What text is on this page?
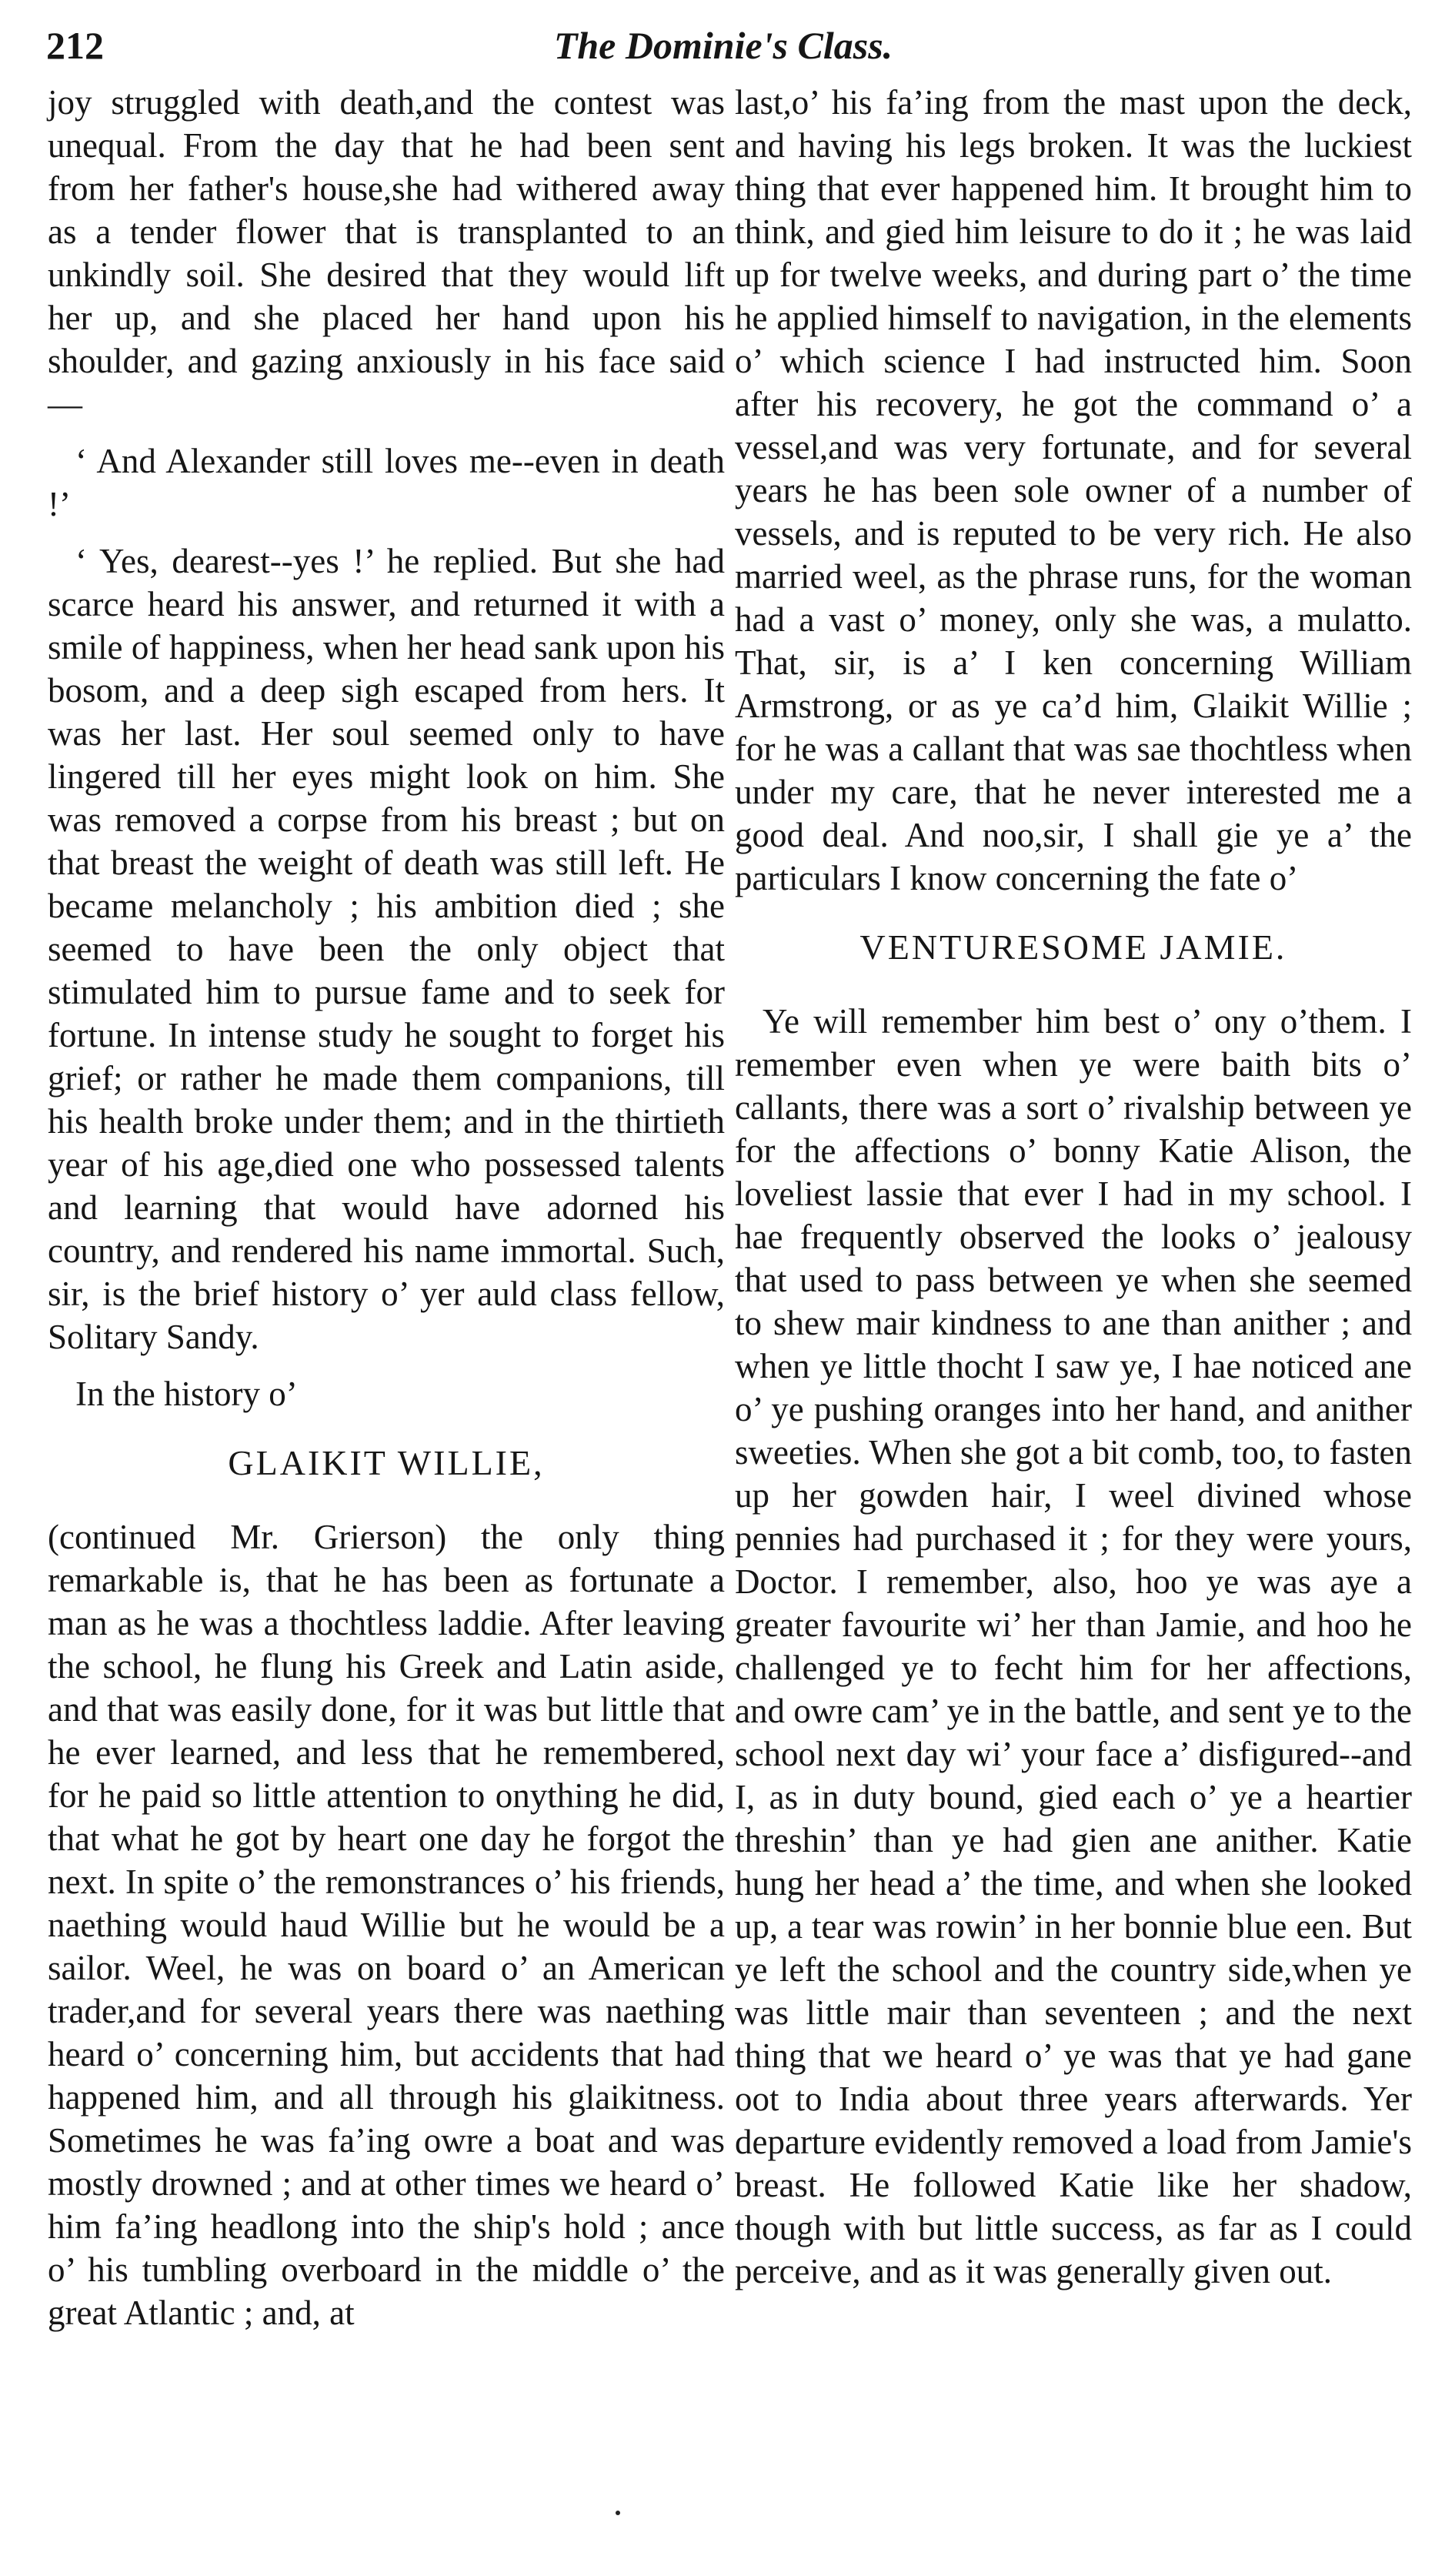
212	The Dominie's Class.

joy struggled with death,and the contest was unequal. From the day that he had been sent from her father's house,she had withered away as a tender flower that is transplanted to an unkindly soil. She desired that they would lift her up, and she placed her hand upon his shoulder, and gazing anxiously in his face said—

‘ And Alexander still loves me--even in death !’

‘ Yes, dearest--yes !’ he replied. But she had scarce heard his answer, and returned it with a smile of happiness, when her head sank upon his bosom, and a deep sigh escaped from hers. It was her last. Her soul seemed only to have lingered till her eyes might look on him. She was removed a corpse from his breast ; but on that breast the weight of death was still left. He became melancholy ; his ambition died ; she seemed to have been the only object that stimulated him to pursue fame and to seek for fortune. In intense study he sought to forget his grief; or rather he made them companions, till his health broke under them; and in the thirtieth year of his age,died one who possessed talents and learning that would have adorned his country, and rendered his name immortal. Such, sir, is the brief history o’ yer auld class fellow, Solitary Sandy.

In the history o’

GLAIKIT WILLIE,

(continued Mr. Grierson) the only thing remarkable is, that he has been as fortunate a man as he was a thochtless laddie. After leaving the school, he flung his Greek and Latin aside, and that was easily done, for it was but little that he ever learned, and less that he remembered, for he paid so little attention to onything he did, that what he got by heart one day he forgot the next. In spite o’ the remonstrances o’ his friends, naething would haud Willie but he would be a sailor. Weel, he was on board o’ an American trader,and for several years there was naething heard o’ concerning him, but accidents that had happened him, and all through his glaikitness. Sometimes he was fa’ing owre a boat and was mostly drowned ; and at other times we heard o’ him fa’ing headlong into the ship's hold ; ance o’ his tumbling overboard in the middle o’ the great Atlantic ; and, at

last,o’ his fa’ing from the mast upon the deck, and having his legs broken. It was the luckiest thing that ever happened him. It brought him to think, and gied him leisure to do it ; he was laid up for twelve weeks, and during part o’ the time he applied himself to navigation, in the elements o’ which science I had instructed him. Soon after his recovery, he got the command o’ a vessel,and was very fortunate, and for several years he has been sole owner of a number of vessels, and is reputed to be very rich. He also married weel, as the phrase runs, for the woman had a vast o’ money, only she was, a mulatto. That, sir, is a’ I ken concerning William Armstrong, or as ye ca’d him, Glaikit Willie ; for he was a callant that was sae thochtless when under my care, that he never interested me a good deal. And noo,sir, I shall gie ye a’ the particulars I know concerning the fate o’

VENTURESOME JAMIE.

Ye will remember him best o’ ony o’them. I remember even when ye were baith bits o’ callants, there was a sort o’ rivalship between ye for the affections o’ bonny Katie Alison, the loveliest lassie that ever I had in my school. I hae frequently observed the looks o’ jealousy that used to pass between ye when she seemed to shew mair kindness to ane than anither ; and when ye little thocht I saw ye, I hae noticed ane o’ ye pushing oranges into her hand, and anither sweeties. When she got a bit comb, too, to fasten up her gowden hair, I weel divined whose pennies had purchased it ; for they were yours, Doctor. I remember, also, hoo ye was aye a greater favourite wi’ her than Jamie, and hoo he challenged ye to fecht him for her affections, and owre cam’ ye in the battle, and sent ye to the school next day wi’ your face a’ disfigured--and I, as in duty bound, gied each o’ ye a heartier threshin’ than ye had gien ane anither. Katie hung her head a’ the time, and when she looked up, a tear was rowin’ in her bonnie blue een. But ye left the school and the country side,when ye was little mair than seventeen ; and the next thing that we heard o’ ye was that ye had gane oot to India about three years afterwards. Yer departure evidently removed a load from Jamie's breast. He followed Katie like her shadow, though with but little success, as far as I could perceive, and as it was generally given out.
